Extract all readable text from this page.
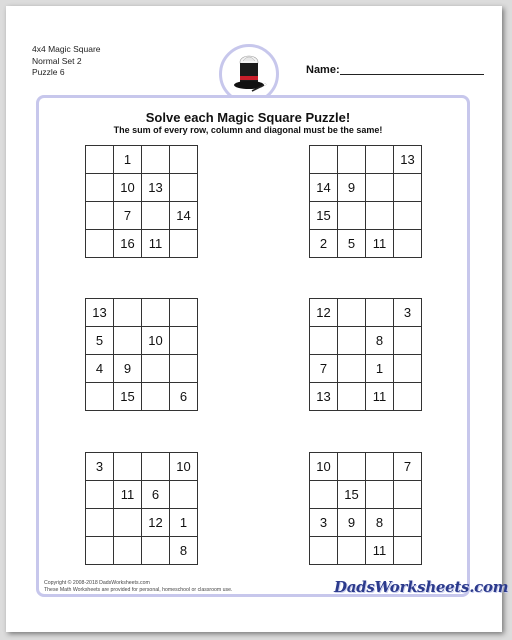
4x4 Magic Square
Normal Set 2
Puzzle 6	Name:
Solve each Magic Square Puzzle!
The sum of every row, column and diagonal must be the same!
	1		
	10	13	
	7		14
	16	11	
			13
14	9		
15			
2	5	11	
13			
5		10	
4	9		
	15		6
12			3
		8	
7		1	
13		11	
3			10
	11	6	
		12	1
			8
10			7
	15		
3	9	8	
		11	
Copyright © 2008-2018 DadsWorksheets.com
These Math Worksheets are provided for personal, homeschool or classroom use.	DadsWorksheets.com
